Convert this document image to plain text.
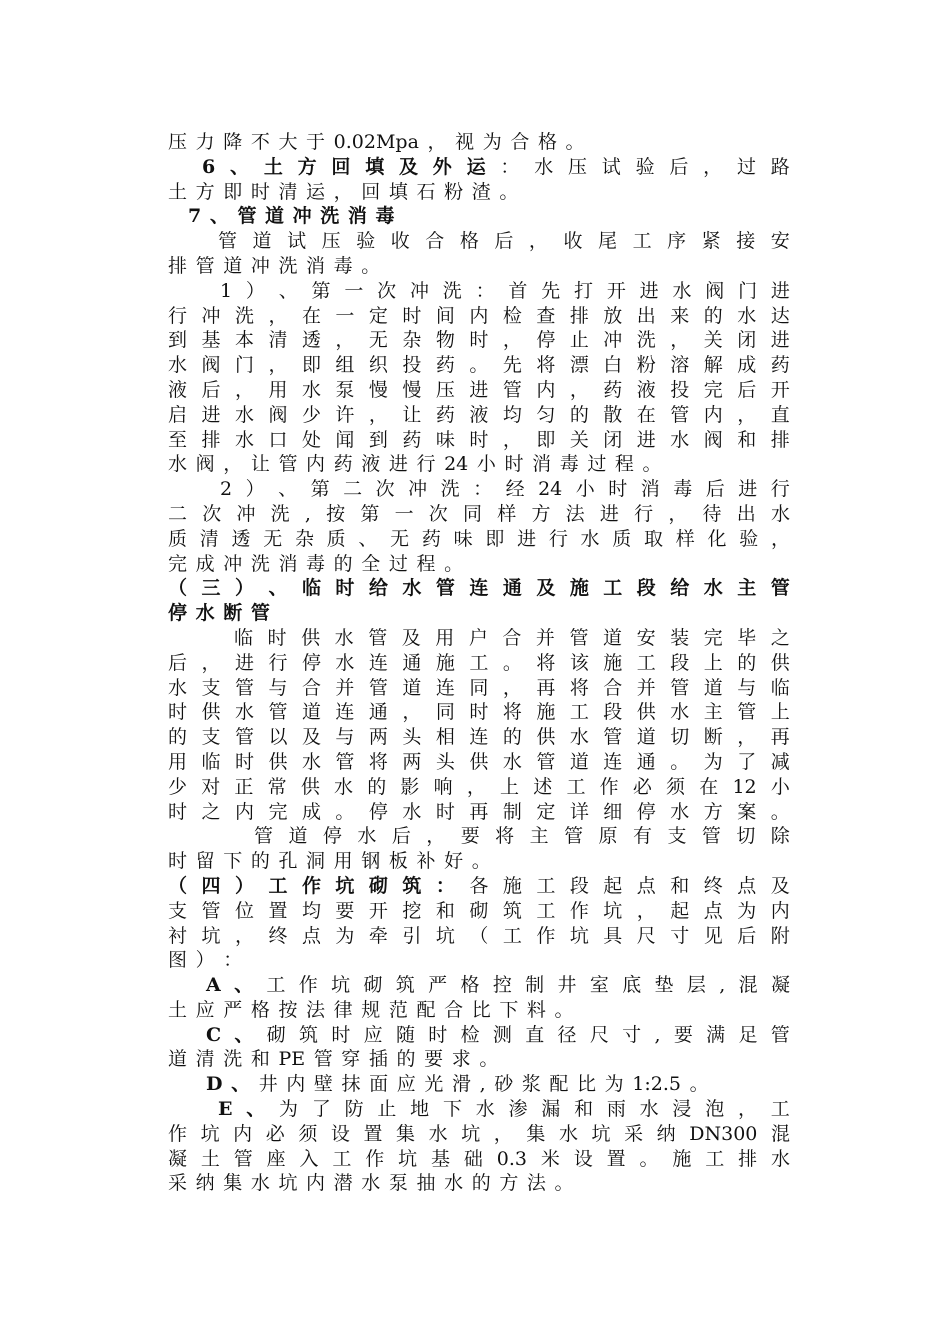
压 力 降 不 大 于 0.02Mpa ， 视 为 合 格 。
6 、 土 方 回 填 及 外 运 ： 水 压 试 验 后 ， 过 路
土 方 即 时 清 运 ， 回 填 石 粉 渣 。
7 、 管 道 冲 洗 消 毒
管 道 试 压 验 收 合 格 后 ， 收 尾 工 序 紧 接 安
排 管 道 冲 洗 消 毒 。
1 ） 、 第 一 次 冲 洗 ： 首 先 打 开 进 水 阀 门 进
行 冲 洗 ， 在 一 定 时 间 内 检 查 排 放 出 来 的 水 达
到 基 本 清 透 ， 无 杂 物 时 ， 停 止 冲 洗 ， 关 闭 进
水 阀 门 ， 即 组 织 投 药 。 先 将 漂 白 粉 溶 解 成 药
液 后 ， 用 水 泵 慢 慢 压 进 管 内 ， 药 液 投 完 后 开
启 进 水 阀 少 许 ， 让 药 液 均 匀 的 散 在 管 内 ， 直
至 排 水 口 处 闻 到 药 味 时 ， 即 关 闭 进 水 阀 和 排
水 阀 ， 让 管 内 药 液 进 行 24 小 时 消 毒 过 程 。
2 ） 、 第 二 次 冲 洗 ： 经 24 小 时 消 毒 后 进 行
二 次 冲 洗 , 按 第 一 次 同 样 方 法 进 行 ， 待 出 水
质 清 透 无 杂 质 、 无 药 味 即 进 行 水 质 取 样 化 验 ，
完 成 冲 洗 消 毒 的 全 过 程 。
（ 三 ） 、 临 时 给 水 管 连 通 及 施 工 段 给 水 主 管
停 水 断 管
临 时 供 水 管 及 用 户 合 并 管 道 安 装 完 毕 之
后 ， 进 行 停 水 连 通 施 工 。 将 该 施 工 段 上 的 供
水 支 管 与 合 并 管 道 连 同 ， 再 将 合 并 管 道 与 临
时 供 水 管 道 连 通 ， 同 时 将 施 工 段 供 水 主 管 上
的 支 管 以 及 与 两 头 相 连 的 供 水 管 道 切 断 ， 再
用 临 时 供 水 管 将 两 头 供 水 管 道 连 通 。 为 了 减
少 对 正 常 供 水 的 影 响 ， 上 述 工 作 必 须 在 12 小
时 之 内 完 成 。 停 水 时 再 制 定 详 细 停 水 方 案 。
管 道 停 水 后 ， 要 将 主 管 原 有 支 管 切 除
时 留 下 的 孔 洞 用 钢 板 补 好 。
（ 四 ） 工 作 坑 砌 筑 ： 各 施 工 段 起 点 和 终 点 及
支 管 位 置 均 要 开 挖 和 砌 筑 工 作 坑 ， 起 点 为 内
衬 坑 ， 终 点 为 牵 引 坑 （ 工 作 坑 具 尺 寸 见 后 附
图 ） ：
A 、 工 作 坑 砌 筑 严 格 控 制 井 室 底 垫 层 , 混 凝
土 应 严 格 按 法 律 规 范 配 合 比 下 料 。
C 、 砌 筑 时 应 随 时 检 测 直 径 尺 寸 , 要 满 足 管
道 清 洗 和 PE 管 穿 插 的 要 求 。
D 、 井 内 壁 抹 面 应 光 滑 , 砂 浆 配 比 为 1:2.5 。
E 、 为 了 防 止 地 下 水 渗 漏 和 雨 水 浸 泡 ， 工
作 坑 内 必 须 设 置 集 水 坑 ， 集 水 坑 采 纳 DN300 混
凝 土 管 座 入 工 作 坑 基 础 0.3 米 设 置 。 施 工 排 水
采 纳 集 水 坑 内 潜 水 泵 抽 水 的 方 法 。
